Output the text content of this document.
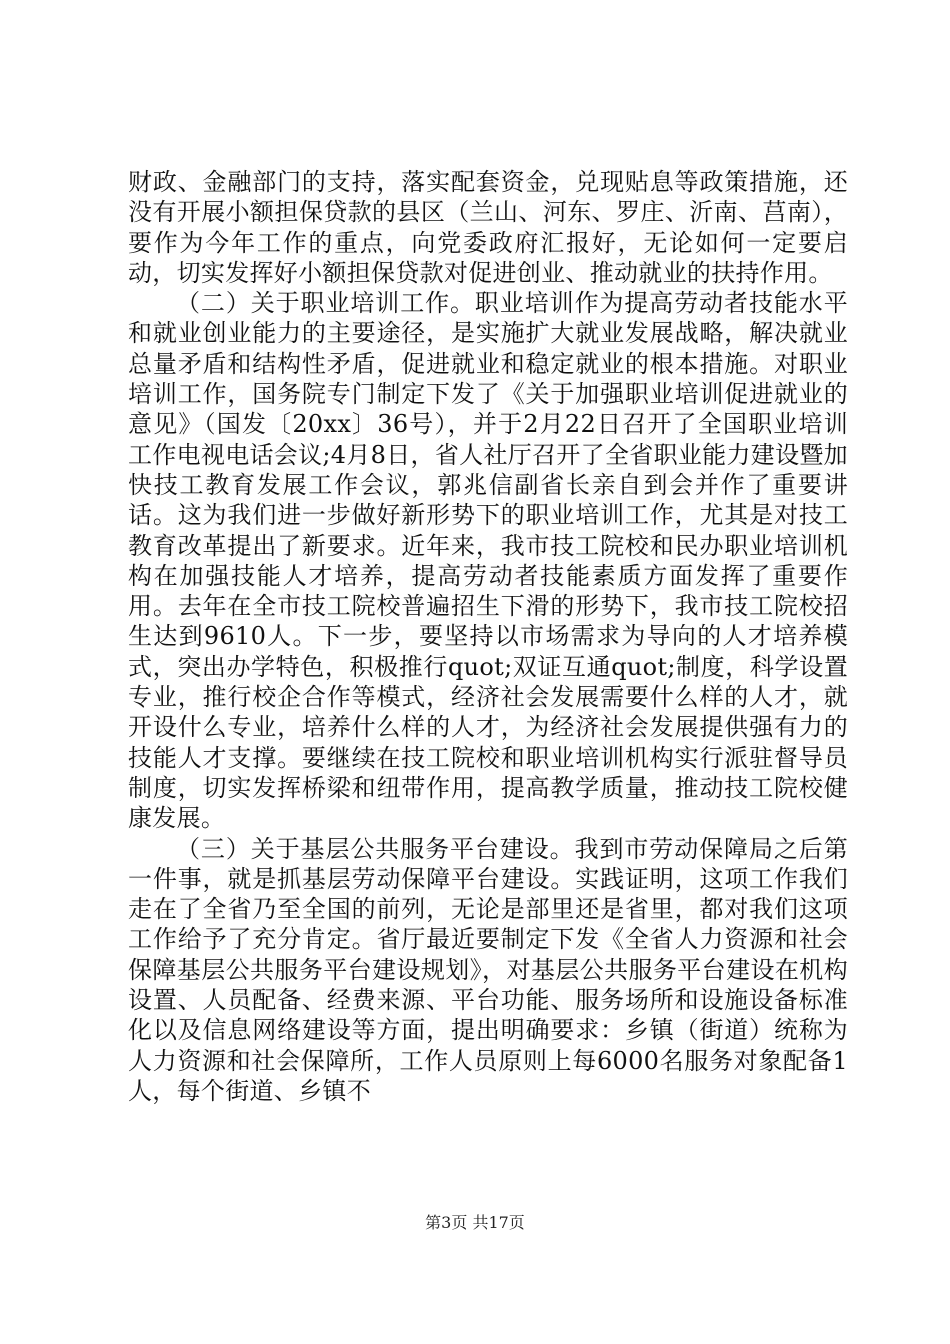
财政、金融部门的支持，落实配套资金，兑现贴息等政策措施，还没有开展小额担保贷款的县区（兰山、河东、罗庄、沂南、莒南），要作为今年工作的重点，向党委政府汇报好，无论如何一定要启动，切实发挥好小额担保贷款对促进创业、推动就业的扶持作用。

（二）关于职业培训工作。职业培训作为提高劳动者技能水平和就业创业能力的主要途径，是实施扩大就业发展战略，解决就业总量矛盾和结构性矛盾，促进就业和稳定就业的根本措施。对职业培训工作，国务院专门制定下发了《关于加强职业培训促进就业的意见》（国发〔20xx〕36号），并于2月22日召开了全国职业培训工作电视电话会议;4月8日，省人社厅召开了全省职业能力建设暨加快技工教育发展工作会议，郭兆信副省长亲自到会并作了重要讲话。这为我们进一步做好新形势下的职业培训工作，尤其是对技工教育改革提出了新要求。近年来，我市技工院校和民办职业培训机构在加强技能人才培养，提高劳动者技能素质方面发挥了重要作用。去年在全市技工院校普遍招生下滑的形势下，我市技工院校招生达到9610人。下一步，要坚持以市场需求为导向的人才培养模式，突出办学特色，积极推行quot;双证互通quot;制度，科学设置专业，推行校企合作等模式，经济社会发展需要什么样的人才，就开设什么专业，培养什么样的人才，为经济社会发展提供强有力的技能人才支撑。要继续在技工院校和职业培训机构实行派驻督导员制度，切实发挥桥梁和纽带作用，提高教学质量，推动技工院校健康发展。

（三）关于基层公共服务平台建设。我到市劳动保障局之后第一件事，就是抓基层劳动保障平台建设。实践证明，这项工作我们走在了全省乃至全国的前列，无论是部里还是省里，都对我们这项工作给予了充分肯定。省厅最近要制定下发《全省人力资源和社会保障基层公共服务平台建设规划》，对基层公共服务平台建设在机构设置、人员配备、经费来源、平台功能、服务场所和设施设备标准化以及信息网络建设等方面，提出明确要求：乡镇（街道）统称为人力资源和社会保障所，工作人员原则上每6000名服务对象配备1人，每个街道、乡镇不

第3页 共17页
